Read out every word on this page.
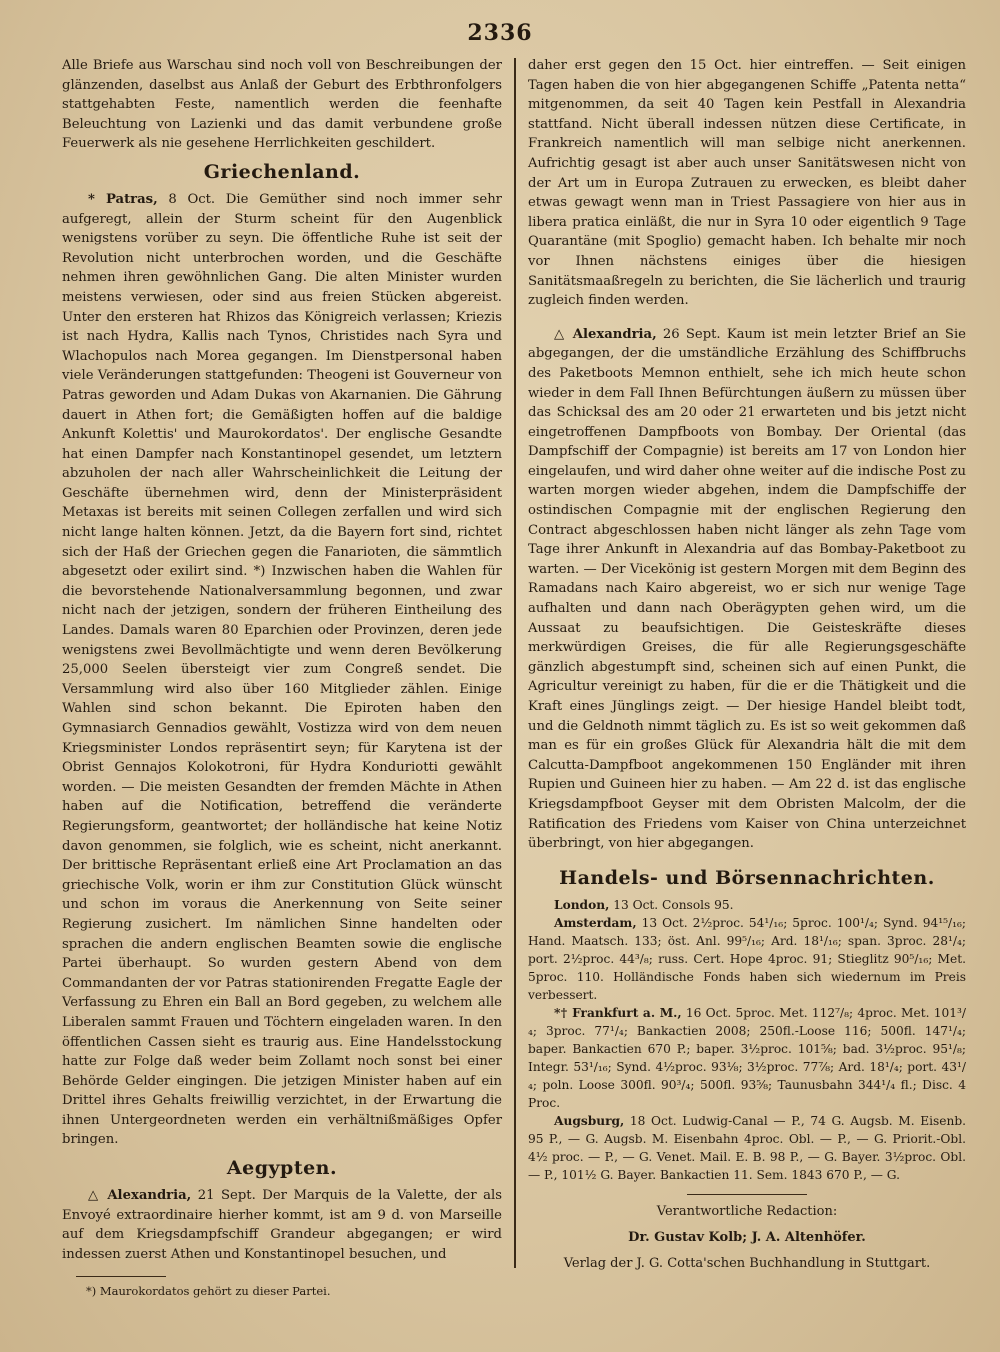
2336

Alle Briefe aus Warschau sind noch voll von Beschreibungen der glänzenden, daselbst aus Anlaß der Geburt des Erbthronfolgers stattgehabten Feste, namentlich werden die feenhafte Beleuchtung von Lazienki und das damit verbundene große Feuerwerk als nie gesehene Herrlichkeiten geschildert.

Griechenland.

* Patras, 8 Oct. Die Gemüther sind noch immer sehr aufgeregt, allein der Sturm scheint für den Augenblick wenigstens vorüber zu seyn. Die öffentliche Ruhe ist seit der Revolution nicht unterbrochen worden, und die Geschäfte nehmen ihren gewöhnlichen Gang. Die alten Minister wurden meistens verwiesen, oder sind aus freien Stücken abgereist. Unter den ersteren hat Rhizos das Königreich verlassen; Kriezis ist nach Hydra, Kallis nach Tynos, Christides nach Syra und Wlachopulos nach Morea gegangen. Im Dienstpersonal haben viele Veränderungen stattgefunden: Theogeni ist Gouverneur von Patras geworden und Adam Dukas von Akarnanien. Die Gährung dauert in Athen fort; die Gemäßigten hoffen auf die baldige Ankunft Kolettis' und Maurokordatos'. Der englische Gesandte hat einen Dampfer nach Konstantinopel gesendet, um letztern abzuholen der nach aller Wahrscheinlichkeit die Leitung der Geschäfte übernehmen wird, denn der Ministerpräsident Metaxas ist bereits mit seinen Collegen zerfallen und wird sich nicht lange halten können. Jetzt, da die Bayern fort sind, richtet sich der Haß der Griechen gegen die Fanarioten, die sämmtlich abgesetzt oder exilirt sind. *) Inzwischen haben die Wahlen für die bevorstehende Nationalversammlung begonnen, und zwar nicht nach der jetzigen, sondern der früheren Eintheilung des Landes. Damals waren 80 Eparchien oder Provinzen, deren jede wenigstens zwei Bevollmächtigte und wenn deren Bevölkerung 25,000 Seelen übersteigt vier zum Congreß sendet. Die Versammlung wird also über 160 Mitglieder zählen. Einige Wahlen sind schon bekannt. Die Epiroten haben den Gymnasiarch Gennadios gewählt, Vostizza wird von dem neuen Kriegsminister Londos repräsentirt seyn; für Karytena ist der Obrist Gennajos Kolokotroni, für Hydra Konduriotti gewählt worden. — Die meisten Gesandten der fremden Mächte in Athen haben auf die Notification, betreffend die veränderte Regierungsform, geantwortet; der holländische hat keine Notiz davon genommen, sie folglich, wie es scheint, nicht anerkannt. Der brittische Repräsentant erließ eine Art Proclamation an das griechische Volk, worin er ihm zur Constitution Glück wünscht und schon im voraus die Anerkennung von Seite seiner Regierung zusichert. Im nämlichen Sinne handelten oder sprachen die andern englischen Beamten sowie die englische Partei überhaupt. So wurden gestern Abend von dem Commandanten der vor Patras stationirenden Fregatte Eagle der Verfassung zu Ehren ein Ball an Bord gegeben, zu welchem alle Liberalen sammt Frauen und Töchtern eingeladen waren. In den öffentlichen Cassen sieht es traurig aus. Eine Handelsstockung hatte zur Folge daß weder beim Zollamt noch sonst bei einer Behörde Gelder eingingen. Die jetzigen Minister haben auf ein Drittel ihres Gehalts freiwillig verzichtet, in der Erwartung die ihnen Untergeordneten werden ein verhältnißmäßiges Opfer bringen.

Aegypten.

△ Alexandria, 21 Sept. Der Marquis de la Valette, der als Envoyé extraordinaire hierher kommt, ist am 9 d. von Marseille auf dem Kriegsdampfschiff Grandeur abgegangen; er wird indessen zuerst Athen und Konstantinopel besuchen, und

*) Maurokordatos gehört zu dieser Partei.

daher erst gegen den 15 Oct. hier eintreffen. — Seit einigen Tagen haben die von hier abgegangenen Schiffe „Patenta netta“ mitgenommen, da seit 40 Tagen kein Pestfall in Alexandria stattfand. Nicht überall indessen nützen diese Certificate, in Frankreich namentlich will man selbige nicht anerkennen. Aufrichtig gesagt ist aber auch unser Sanitätswesen nicht von der Art um in Europa Zutrauen zu erwecken, es bleibt daher etwas gewagt wenn man in Triest Passagiere von hier aus in libera pratica einläßt, die nur in Syra 10 oder eigentlich 9 Tage Quarantäne (mit Spoglio) gemacht haben. Ich behalte mir noch vor Ihnen nächstens einiges über die hiesigen Sanitätsmaaßregeln zu berichten, die Sie lächerlich und traurig zugleich finden werden.

△ Alexandria, 26 Sept. Kaum ist mein letzter Brief an Sie abgegangen, der die umständliche Erzählung des Schiffbruchs des Paketboots Memnon enthielt, sehe ich mich heute schon wieder in dem Fall Ihnen Befürchtungen äußern zu müssen über das Schicksal des am 20 oder 21 erwarteten und bis jetzt nicht eingetroffenen Dampfboots von Bombay. Der Oriental (das Dampfschiff der Compagnie) ist bereits am 17 von London hier eingelaufen, und wird daher ohne weiter auf die indische Post zu warten morgen wieder abgehen, indem die Dampfschiffe der ostindischen Compagnie mit der englischen Regierung den Contract abgeschlossen haben nicht länger als zehn Tage vom Tage ihrer Ankunft in Alexandria auf das Bombay-Paketboot zu warten. — Der Vicekönig ist gestern Morgen mit dem Beginn des Ramadans nach Kairo abgereist, wo er sich nur wenige Tage aufhalten und dann nach Oberägypten gehen wird, um die Aussaat zu beaufsichtigen. Die Geisteskräfte dieses merkwürdigen Greises, die für alle Regierungsgeschäfte gänzlich abgestumpft sind, scheinen sich auf einen Punkt, die Agricultur vereinigt zu haben, für die er die Thätigkeit und die Kraft eines Jünglings zeigt. — Der hiesige Handel bleibt todt, und die Geldnoth nimmt täglich zu. Es ist so weit gekommen daß man es für ein großes Glück für Alexandria hält die mit dem Calcutta-Dampfboot angekommenen 150 Engländer mit ihren Rupien und Guineen hier zu haben. — Am 22 d. ist das englische Kriegsdampfboot Geyser mit dem Obristen Malcolm, der die Ratification des Friedens vom Kaiser von China unterzeichnet überbringt, von hier abgegangen.

Handels- und Börsennachrichten.

London, 13 Oct. Consols 95.

Amsterdam, 13 Oct. 2½proc. 54¹/₁₆; 5proc. 100¹/₄; Synd. 94¹⁵/₁₆; Hand. Maatsch. 133; öst. Anl. 99⁵/₁₆; Ard. 18¹/₁₆; span. 3proc. 28¹/₄; port. 2½proc. 44³/₈; russ. Cert. Hope 4proc. 91; Stieglitz 90⁵/₁₆; Met. 5proc. 110. Holländische Fonds haben sich wiedernum im Preis verbessert.

*† Frankfurt a. M., 16 Oct. 5proc. Met. 112⁷/₈; 4proc. Met. 101³/₄; 3proc. 77¹/₄; Bankactien 2008; 250fl.-Loose 116; 500fl. 147¹/₄; baper. Bankactien 670 P.; baper. 3½proc. 101⅝; bad. 3½proc. 95¹/₈; Integr. 53¹/₁₆; Synd. 4½proc. 93⅛; 3½proc. 77⅞; Ard. 18¹/₄; port. 43¹/₄; poln. Loose 300fl. 90³/₄; 500fl. 93⅝; Taunusbahn 344¹/₄ fl.; Disc. 4 Proc.

Augsburg, 18 Oct. Ludwig-Canal — P., 74 G. Augsb. M. Eisenb. 95 P., — G. Augsb. M. Eisenbahn 4proc. Obl. — P., — G. Priorit.-Obl. 4½ proc. — P., — G. Venet. Mail. E. B. 98 P., — G. Bayer. 3½proc. Obl. — P., 101½ G. Bayer. Bankactien 11. Sem. 1843 670 P., — G.

Verantwortliche Redaction:
Dr. Gustav Kolb; J. A. Altenhöfer.
Verlag der J. G. Cotta'schen Buchhandlung in Stuttgart.
